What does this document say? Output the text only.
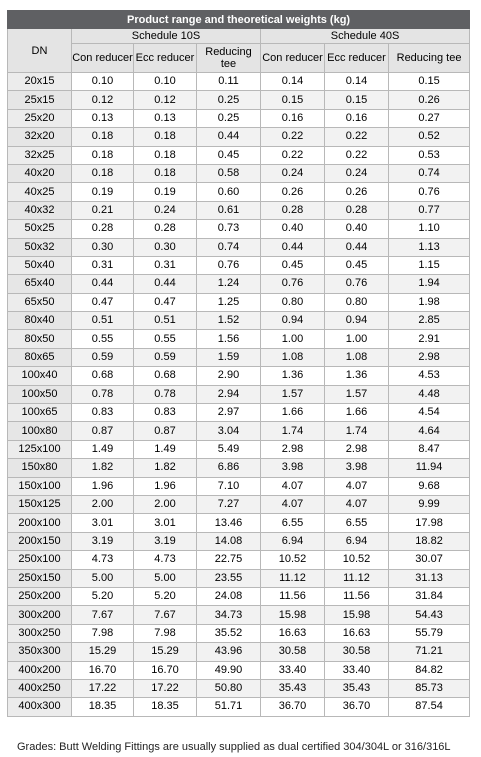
Product range and theoretical weights (kg)						
DN	Schedule 10S			Schedule 40S		
	Con reducer	Ecc reducer	Reducing tee	Con reducer	Ecc reducer	Reducing tee
20x15	0.10	0.10	0.11	0.14	0.14	0.15
25x15	0.12	0.12	0.25	0.15	0.15	0.26
25x20	0.13	0.13	0.25	0.16	0.16	0.27
32x20	0.18	0.18	0.44	0.22	0.22	0.52
32x25	0.18	0.18	0.45	0.22	0.22	0.53
40x20	0.18	0.18	0.58	0.24	0.24	0.74
40x25	0.19	0.19	0.60	0.26	0.26	0.76
40x32	0.21	0.24	0.61	0.28	0.28	0.77
50x25	0.28	0.28	0.73	0.40	0.40	1.10
50x32	0.30	0.30	0.74	0.44	0.44	1.13
50x40	0.31	0.31	0.76	0.45	0.45	1.15
65x40	0.44	0.44	1.24	0.76	0.76	1.94
65x50	0.47	0.47	1.25	0.80	0.80	1.98
80x40	0.51	0.51	1.52	0.94	0.94	2.85
80x50	0.55	0.55	1.56	1.00	1.00	2.91
80x65	0.59	0.59	1.59	1.08	1.08	2.98
100x40	0.68	0.68	2.90	1.36	1.36	4.53
100x50	0.78	0.78	2.94	1.57	1.57	4.48
100x65	0.83	0.83	2.97	1.66	1.66	4.54
100x80	0.87	0.87	3.04	1.74	1.74	4.64
125x100	1.49	1.49	5.49	2.98	2.98	8.47
150x80	1.82	1.82	6.86	3.98	3.98	11.94
150x100	1.96	1.96	7.10	4.07	4.07	9.68
150x125	2.00	2.00	7.27	4.07	4.07	9.99
200x100	3.01	3.01	13.46	6.55	6.55	17.98
200x150	3.19	3.19	14.08	6.94	6.94	18.82
250x100	4.73	4.73	22.75	10.52	10.52	30.07
250x150	5.00	5.00	23.55	11.12	11.12	31.13
250x200	5.20	5.20	24.08	11.56	11.56	31.84
300x200	7.67	7.67	34.73	15.98	15.98	54.43
300x250	7.98	7.98	35.52	16.63	16.63	55.79
350x300	15.29	15.29	43.96	30.58	30.58	71.21
400x200	16.70	16.70	49.90	33.40	33.40	84.82
400x250	17.22	17.22	50.80	35.43	35.43	85.73
400x300	18.35	18.35	51.71	36.70	36.70	87.54
Grades: Butt Welding Fittings are usually supplied as dual certified 304/304L or 316/316L
